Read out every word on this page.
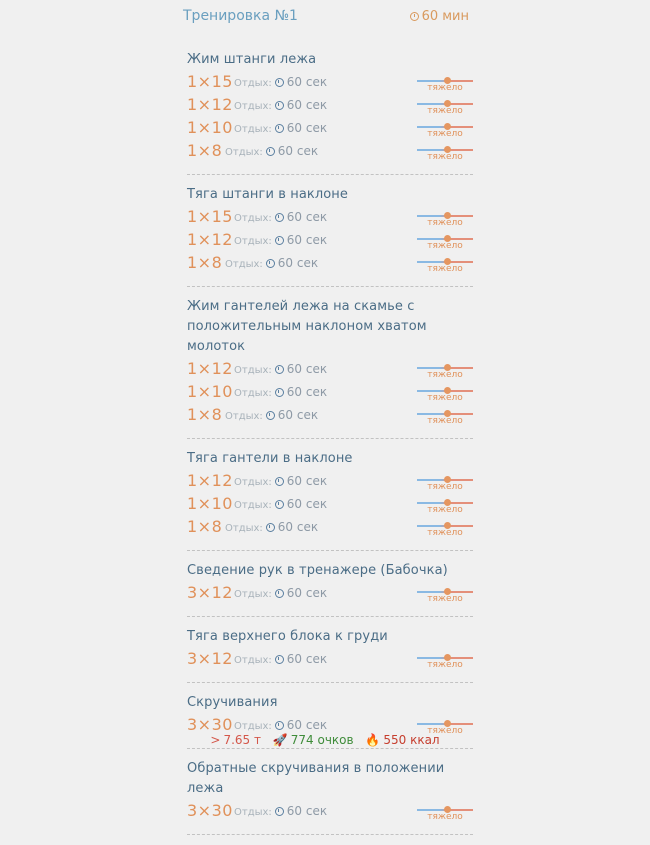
Тренировка №1	60 мин
Жим штанги лежа
1×15 Отдых: 60 сек	тяжело
1×12 Отдых: 60 сек	тяжело
1×10 Отдых: 60 сек	тяжело
1×8 Отдых: 60 сек	тяжело
Тяга штанги в наклоне
1×15 Отдых: 60 сек	тяжело
1×12 Отдых: 60 сек	тяжело
1×8 Отдых: 60 сек	тяжело
Жим гантелей лежа на скамье с положительным наклоном хватом молоток
1×12 Отдых: 60 сек	тяжело
1×10 Отдых: 60 сек	тяжело
1×8 Отдых: 60 сек	тяжело
Тяга гантели в наклоне
1×12 Отдых: 60 сек	тяжело
1×10 Отдых: 60 сек	тяжело
1×8 Отдых: 60 сек	тяжело
Сведение рук в тренажере (Бабочка)
3×12 Отдых: 60 сек	тяжело
Тяга верхнего блока к груди
3×12 Отдых: 60 сек	тяжело
Скручивания
3×30 Отдых: 60 сек	тяжело
Обратные скручивания в положении лежа
3×30 Отдых: 60 сек	тяжело
> 7.65 т 🚀 774 очков 🔥 550 ккал
